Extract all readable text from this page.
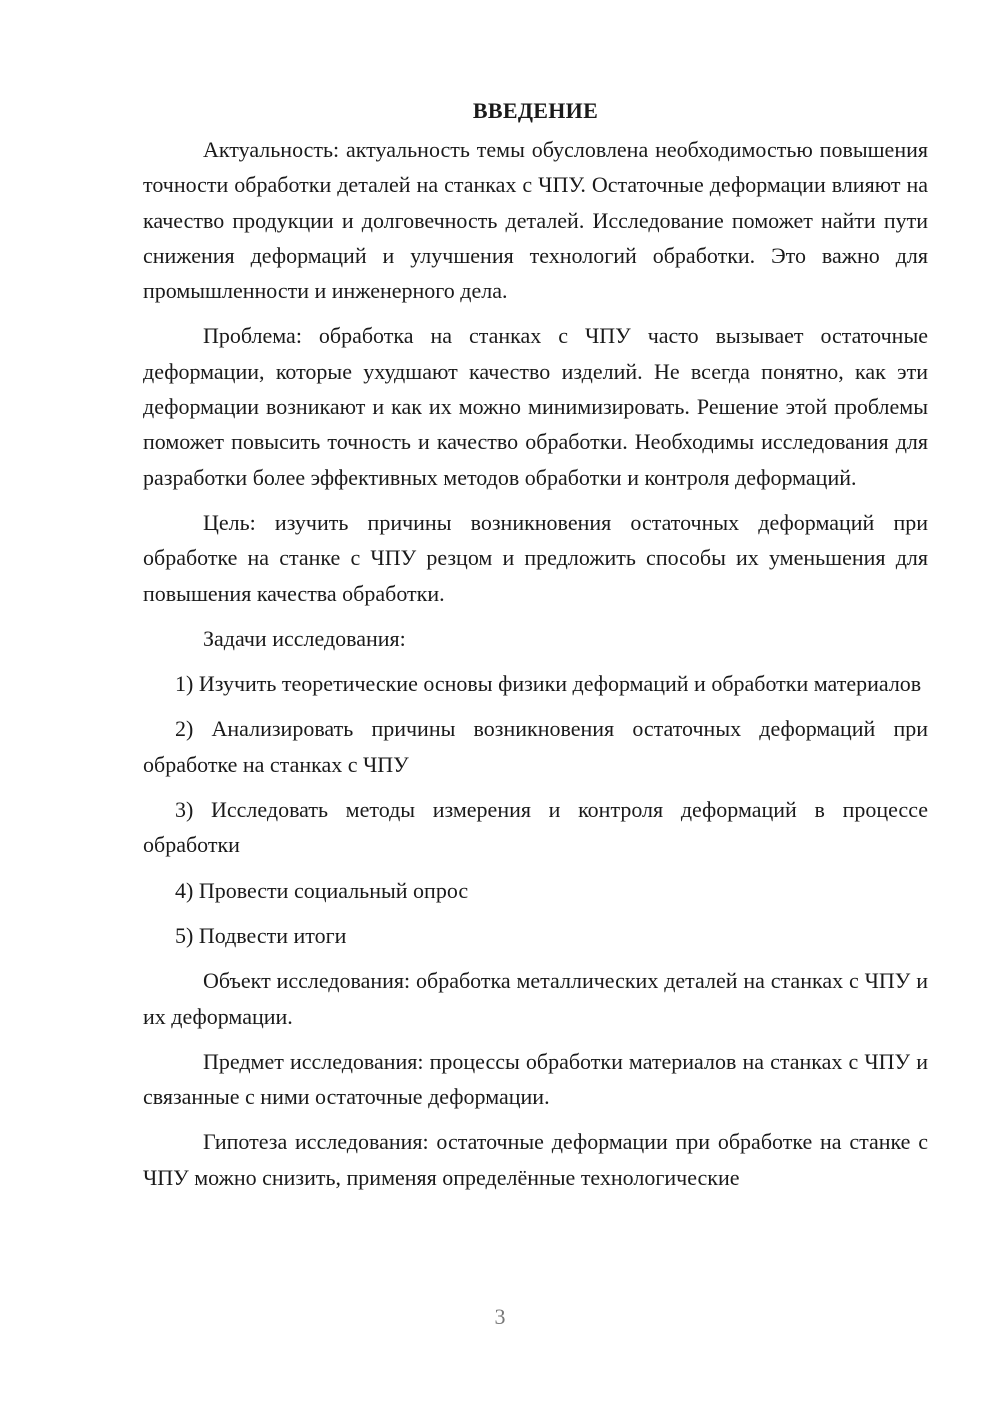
ВВЕДЕНИЕ

Актуальность: актуальность темы обусловлена необходимостью повышения точности обработки деталей на станках с ЧПУ. Остаточные деформации влияют на качество продукции и долговечность деталей. Исследование поможет найти пути снижения деформаций и улучшения технологий обработки. Это важно для промышленности и инженерного дела.

Проблема: обработка на станках с ЧПУ часто вызывает остаточные деформации, которые ухудшают качество изделий. Не всегда понятно, как эти деформации возникают и как их можно минимизировать. Решение этой проблемы поможет повысить точность и качество обработки. Необходимы исследования для разработки более эффективных методов обработки и контроля деформаций.

Цель: изучить причины возникновения остаточных деформаций при обработке на станке с ЧПУ резцом и предложить способы их уменьшения для повышения качества обработки.

Задачи исследования:

1) Изучить теоретические основы физики деформаций и обработки материалов

2) Анализировать причины возникновения остаточных деформаций при обработке на станках с ЧПУ

3) Исследовать методы измерения и контроля деформаций в процессе обработки

4) Провести социальный опрос

5) Подвести итоги

Объект исследования: обработка металлических деталей на станках с ЧПУ и их деформации.

Предмет исследования: процессы обработки материалов на станках с ЧПУ и связанные с ними остаточные деформации.

Гипотеза исследования: остаточные деформации при обработке на станке с ЧПУ можно снизить, применяя определённые технологические

3
